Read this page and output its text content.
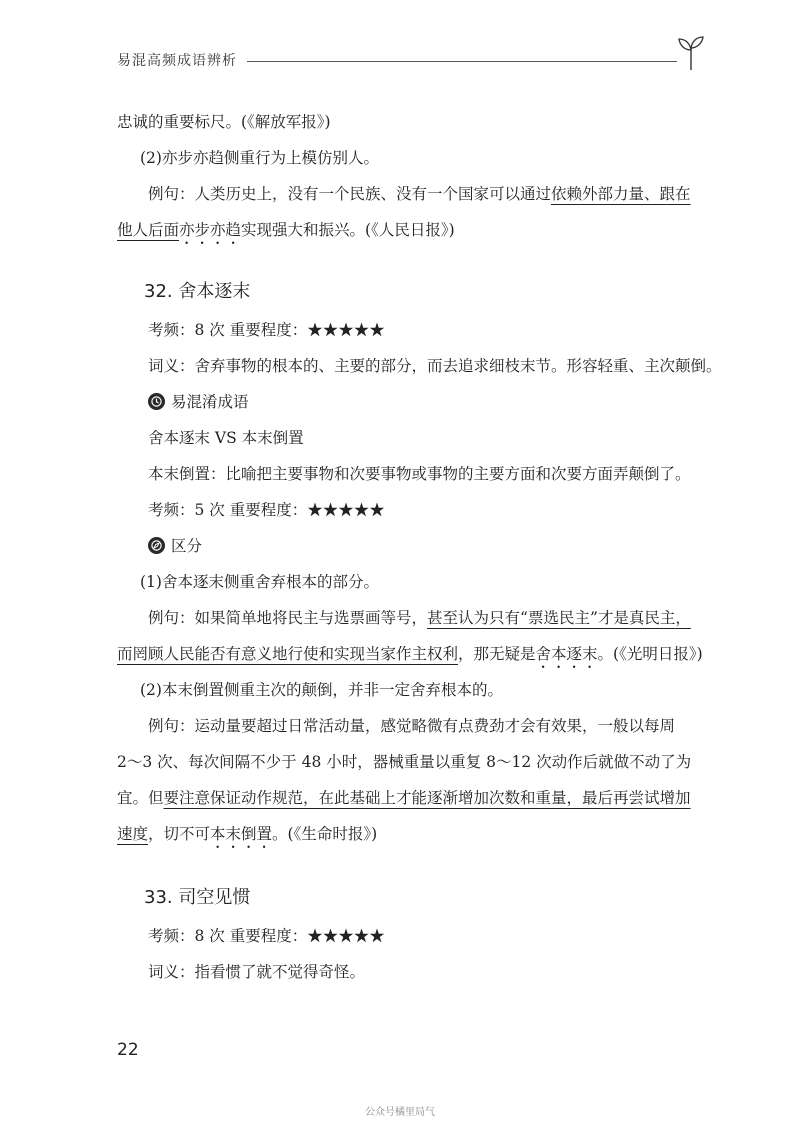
易混高频成语辨析
忠诚的重要标尺。(《解放军报》)
(2)亦步亦趋侧重行为上模仿别人。
例句：人类历史上，没有一个民族、没有一个国家可以通过依赖外部力量、跟在
他人后面亦步亦趋实现强大和振兴。(《人民日报》)
32. 舍本逐末
考频：8 次 重要程度：★★★★★
词义：舍弃事物的根本的、主要的部分，而去追求细枝末节。形容轻重、主次颠倒。
易混淆成语
舍本逐末 VS 本末倒置
本末倒置：比喻把主要事物和次要事物或事物的主要方面和次要方面弄颠倒了。
考频：5 次 重要程度：★★★★★
区分
(1)舍本逐末侧重舍弃根本的部分。
例句：如果简单地将民主与选票画等号，甚至认为只有“票选民主”才是真民主，
而罔顾人民能否有意义地行使和实现当家作主权利，那无疑是舍本逐末。(《光明日报》)
(2)本末倒置侧重主次的颠倒，并非一定舍弃根本的。
例句：运动量要超过日常活动量，感觉略微有点费劲才会有效果，一般以每周
2～3 次、每次间隔不少于 48 小时，器械重量以重复 8～12 次动作后就做不动了为
宜。但要注意保证动作规范，在此基础上才能逐渐增加次数和重量，最后再尝试增加
速度，切不可本末倒置。(《生命时报》)
33. 司空见惯
考频：8 次 重要程度：★★★★★
词义：指看惯了就不觉得奇怪。
22
公众号橘里局气
